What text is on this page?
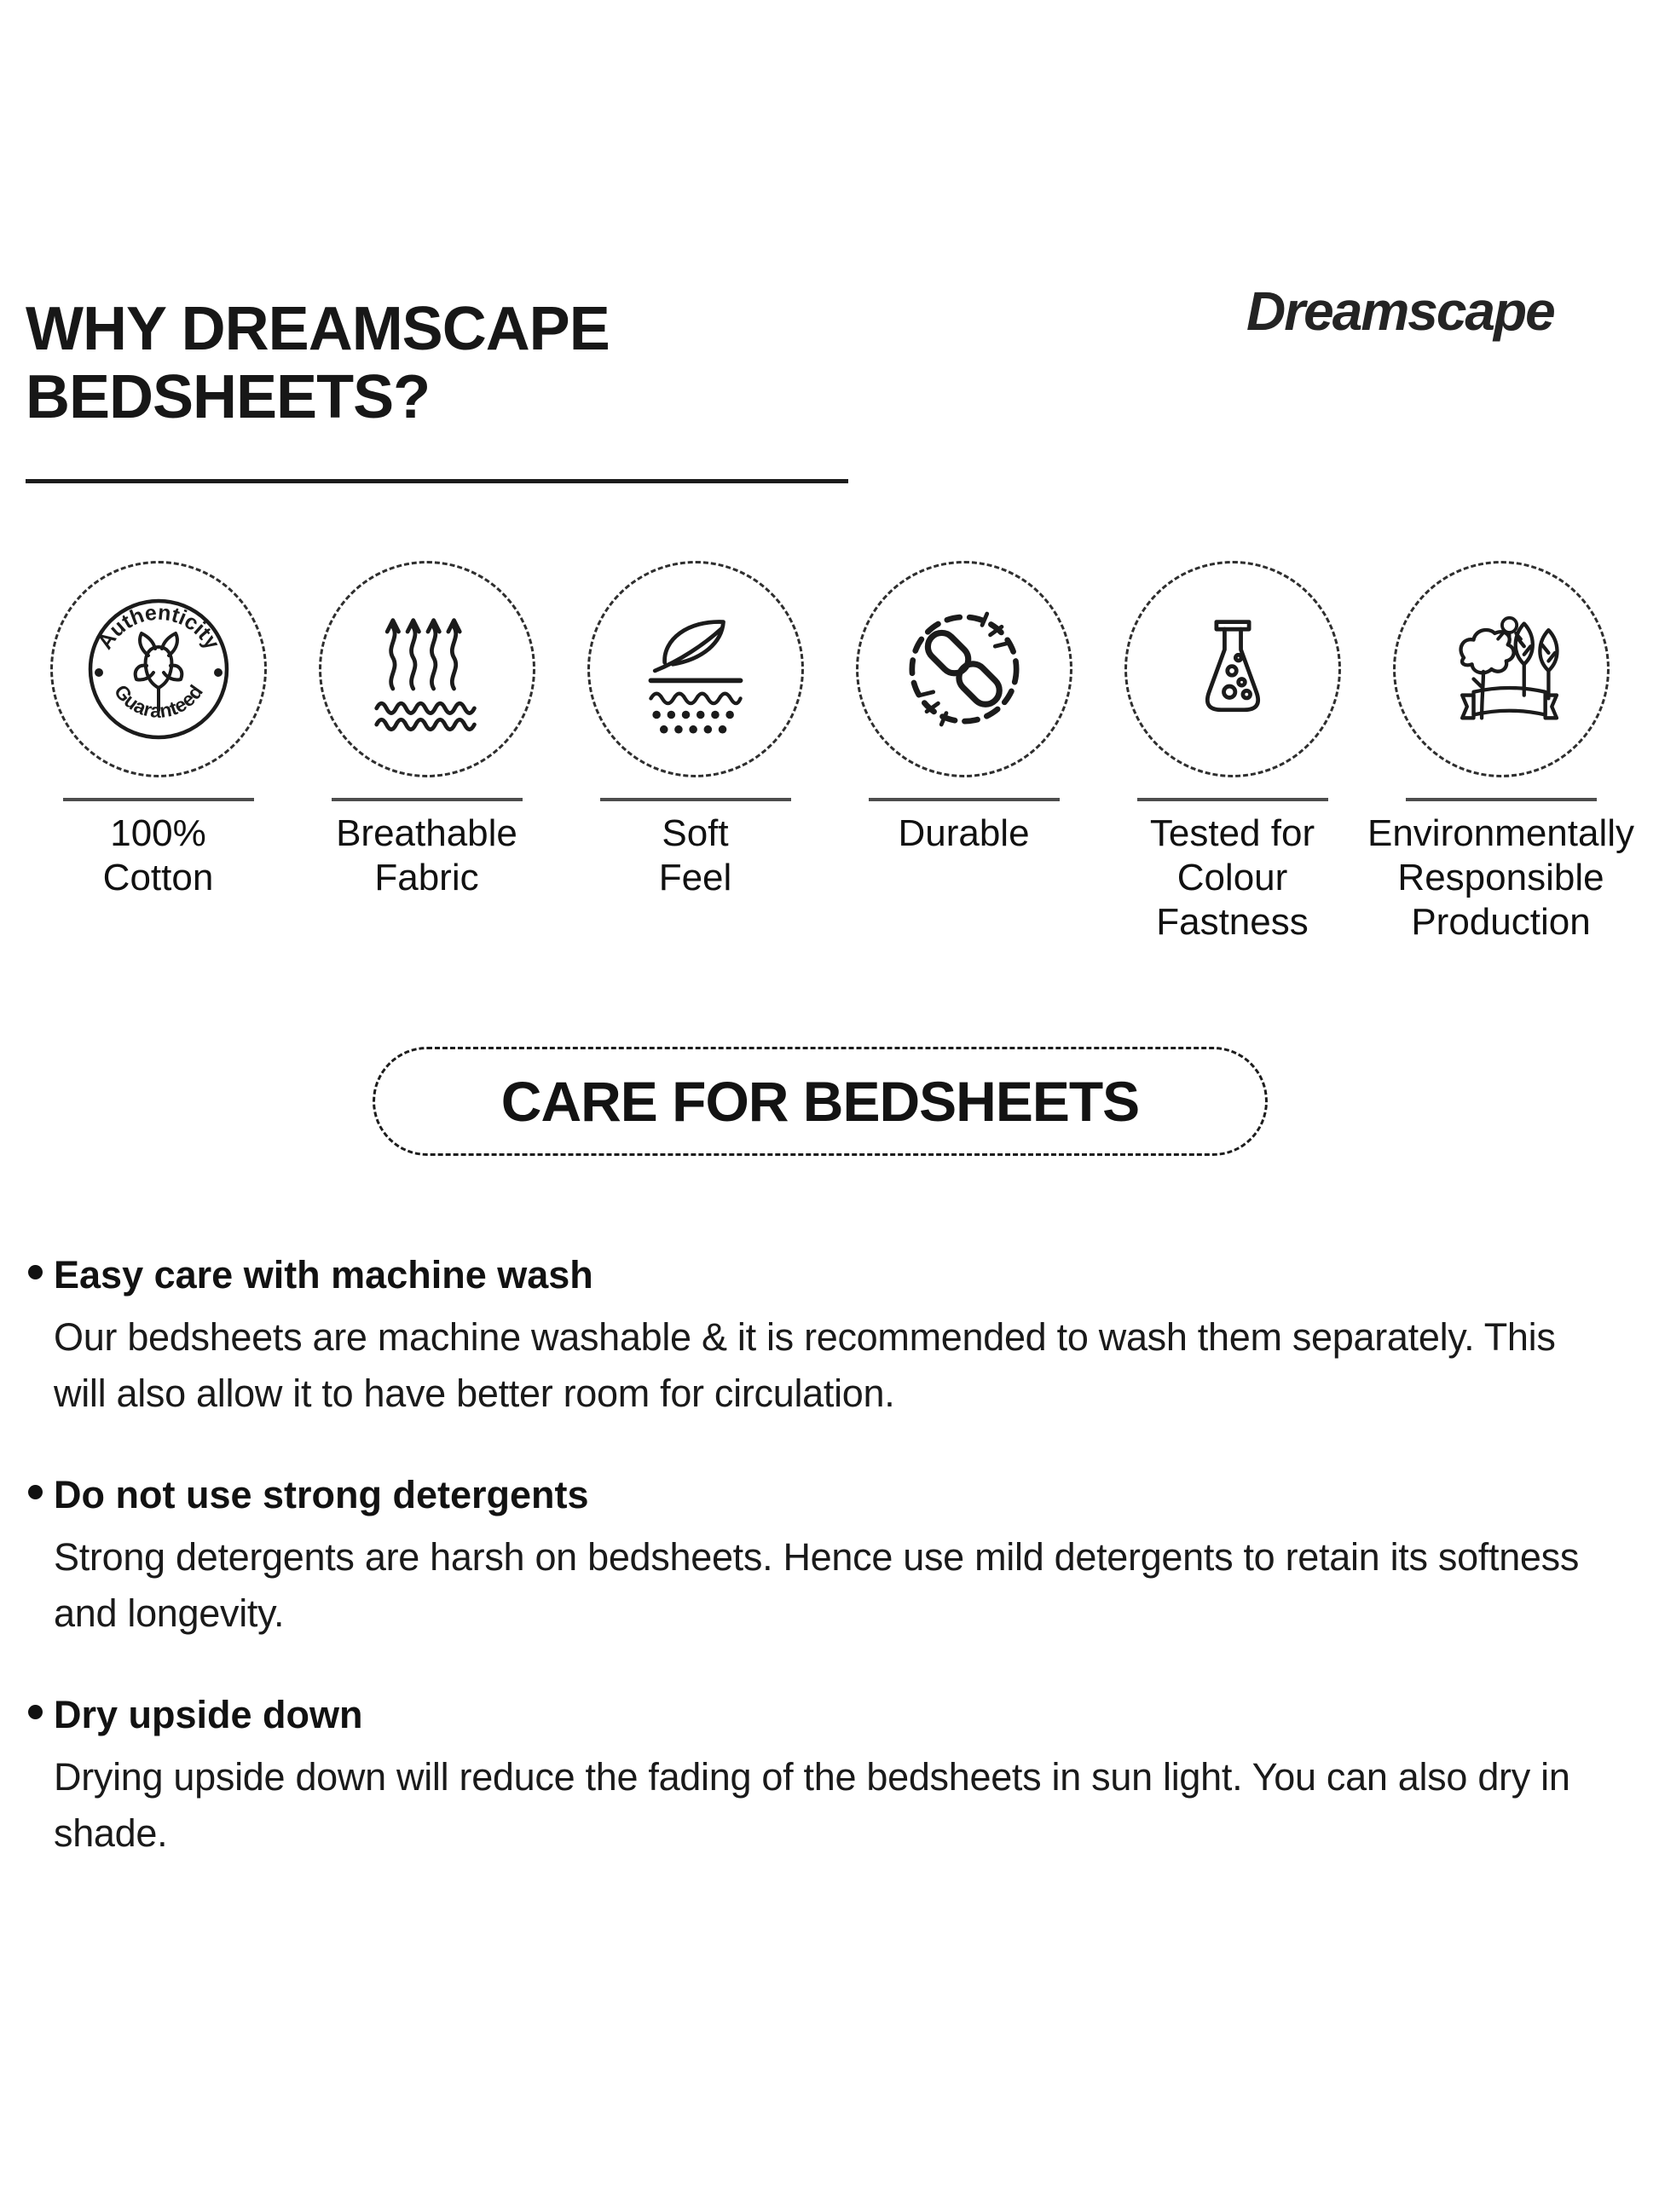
WHY DREAMSCAPE
BEDSHEETS?
Dreamscape
Authenticity
Guaranteed
100%
Cotton
Breathable
Fabric
Soft
Feel
Durable	Tested for
Colour
Fastness
Environmentally
Responsible
Production
CARE FOR BEDSHEETS
Easy care with machine wash
Our bedsheets are machine washable & it is recommended to wash them separately. This will also allow it to have better room for circulation.
Do not use strong detergents
Strong detergents are harsh on bedsheets. Hence use mild detergents to retain its softness and longevity.
Dry upside down
Drying upside down will reduce the fading of the bedsheets in sun light. You can also dry in shade.
